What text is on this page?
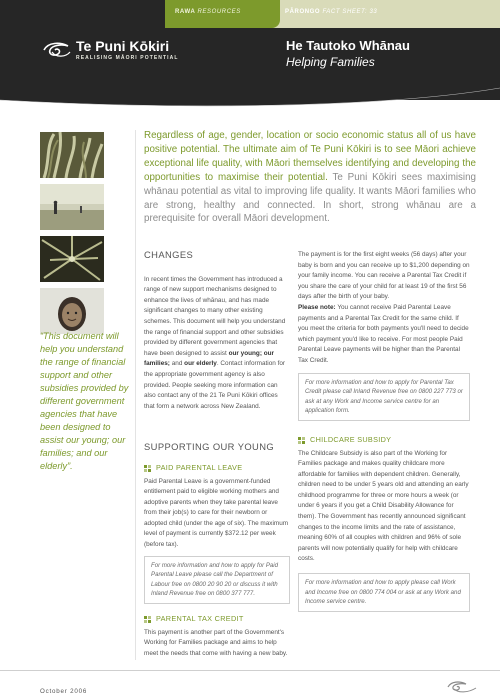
RAWA RESOURCES	PĀRONGO FACT SHEET: 33
Te Puni Kōkiri
REALISING MĀORI POTENTIAL
He Tautoko Whānau
Helping Families
“This document will help you understand the range of financial support and other subsidies provided by different government agencies that have been designed to assist our young; our families; and our elderly”.
Regardless of age, gender, location or socio economic status all of us have positive potential. The ultimate aim of Te Puni Kōkiri is to see Māori achieve exceptional life quality, with Māori themselves identifying and developing the opportunities to maximise their potential. Te Puni Kōkiri sees maximising whānau potential as vital to improving life quality. It wants Māori families who are strong, healthy and connected. In short, strong whānau are a prerequisite for overall Māori development.
CHANGES

In recent times the Government has introduced a range of new support mechanisms designed to enhance the lives of whānau, and has made significant changes to many other existing schemes. This document will help you understand the range of financial support and other subsidies provided by different government agencies that have been designed to assist our young; our families; and our elderly. Contact information for the appropriate government agency is also provided. People seeking more information can also contact any of the 21 Te Puni Kōkiri offices that form a network across New Zealand.

SUPPORTING OUR YOUNG
PAID PARENTAL LEAVE

Paid Parental Leave is a government-funded entitlement paid to eligible working mothers and adoptive parents when they take parental leave from their job(s) to care for their newborn or adopted child (under the age of six). The maximum level of payment is currently $372.12 per week (before tax).

For more information and how to apply for Paid Parental Leave please call the Department of Labour free on 0800 20 90 20 or discuss it with Inland Revenue free on 0800 377 777.
PARENTAL TAX CREDIT

This payment is another part of the Government's Working for Families package and aims to help meet the needs that come with having a new baby.

The payment is for the first eight weeks (56 days) after your baby is born and you can receive up to $1,200 depending on your family income. You can receive a Parental Tax Credit if you share the care of your child for at least 19 of the first 56 days after the birth of your baby.

Please note: You cannot receive Paid Parental Leave payments and a Parental Tax Credit for the same child. If you meet the criteria for both payments you'll need to decide which payment you'd like to receive. For most people Paid Parental Leave payments will be higher than the Parental Tax Credit.

For more information and how to apply for Parental Tax Credit please call Inland Revenue free on 0800 227 773 or ask at any Work and Income service centre for an application form.
CHILDCARE SUBSIDY

The Childcare Subsidy is also part of the Working for Families package and makes quality childcare more affordable for families with dependent children. Generally, children need to be under 5 years old and attending an early childhood programme for three or more hours a week (or under 6 years if you get a Child Disability Allowance for them). The Government has recently announced significant changes to the income limits and the rate of assistance, meaning 60% of all couples with children and 96% of sole parents will now potentially qualify for help with childcare costs.

For more information and how to apply please call Work and Income free on 0800 774 004 or ask at any Work and Income service centre.
October 2006
